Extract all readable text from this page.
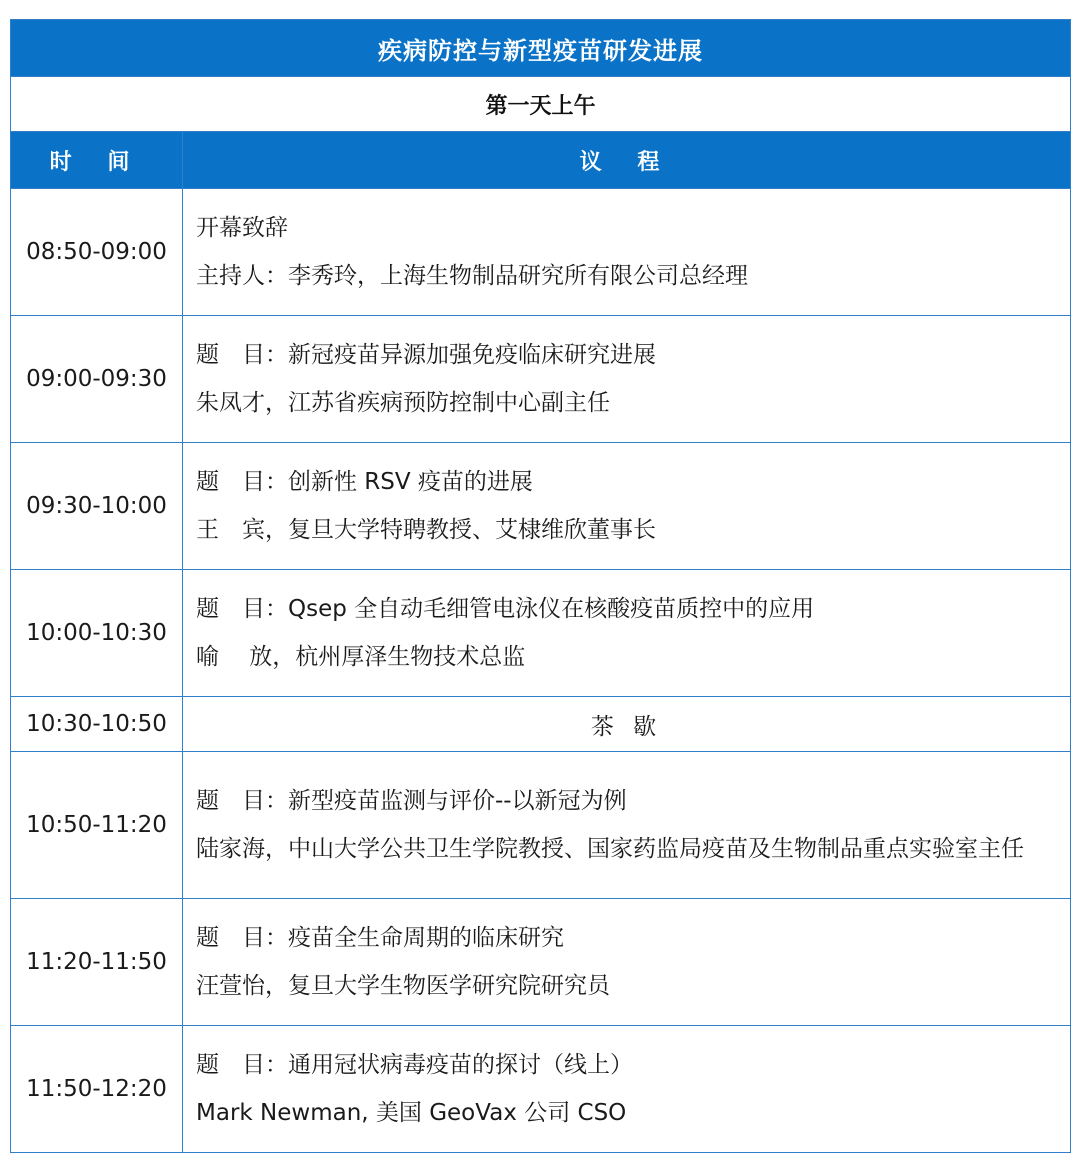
疾病防控与新型疫苗研发进展	
第一天上午	
时 间	议 程
08:50-09:00	开幕致辞
主持人：李秀玲，上海生物制品研究所有限公司总经理

09:00-09:30	题　目：新冠疫苗异源加强免疫临床研究进展
朱凤才，江苏省疾病预防控制中心副主任

09:30-10:00	题　目：创新性 RSV 疫苗的进展
王　宾，复旦大学特聘教授、艾棣维欣董事长

10:00-10:30	题　目：Qsep 全自动毛细管电泳仪在核酸疫苗质控中的应用
喻　 放，杭州厚泽生物技术总监

10:30-10:50	茶 歇
10:50-11:20	题　目：新型疫苗监测与评价--以新冠为例
陆家海，中山大学公共卫生学院教授、国家药监局疫苗及生物制品重点实验室主任

11:20-11:50	题　目：疫苗全生命周期的临床研究
汪萱怡，复旦大学生物医学研究院研究员

11:50-12:20	题　目：通用冠状病毒疫苗的探讨（线上）
Mark Newman, 美国 GeoVax 公司 CSO
